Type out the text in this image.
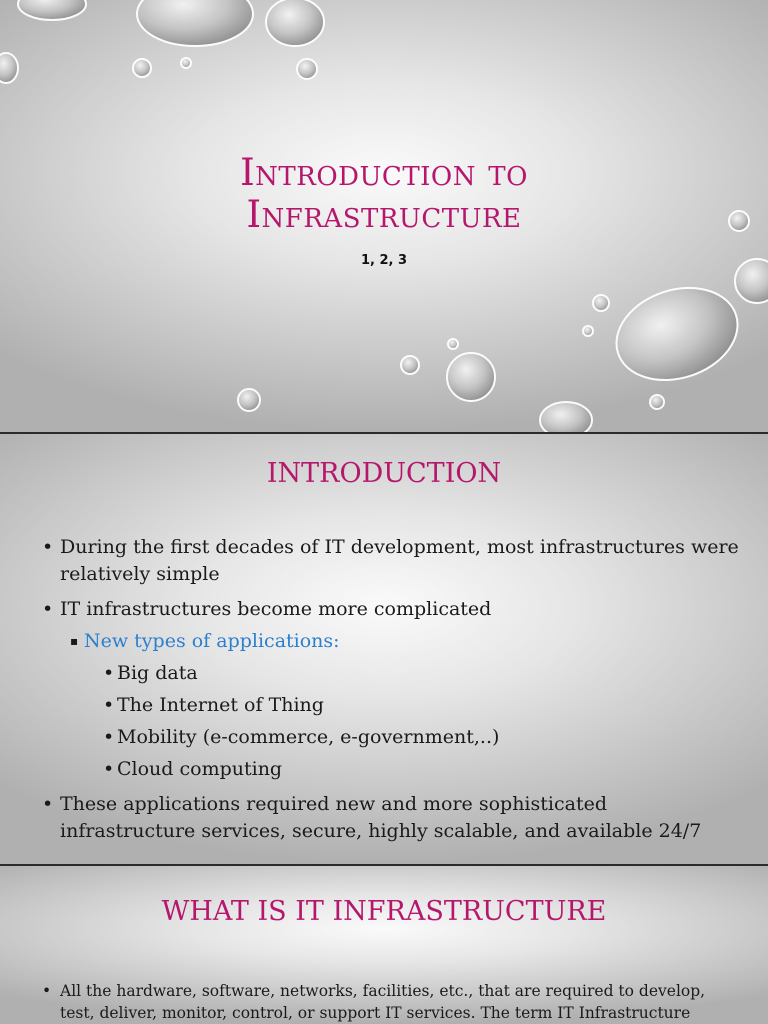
Introduction to
Infrastructure
1, 2, 3
INTRODUCTION
• During the first decades of IT development, most infrastructures were
relatively simple
• IT infrastructures become more complicated
▪ New types of applications:
• Big data
• The Internet of Thing
• Mobility (e-commerce, e-government,..)
• Cloud computing
• These applications required new and more sophisticated
infrastructure services, secure, highly scalable, and available 24/7
WHAT IS IT INFRASTRUCTURE
• All the hardware, software, networks, facilities, etc., that are required to develop,
test, deliver, monitor, control, or support IT services. The term IT Infrastructure
